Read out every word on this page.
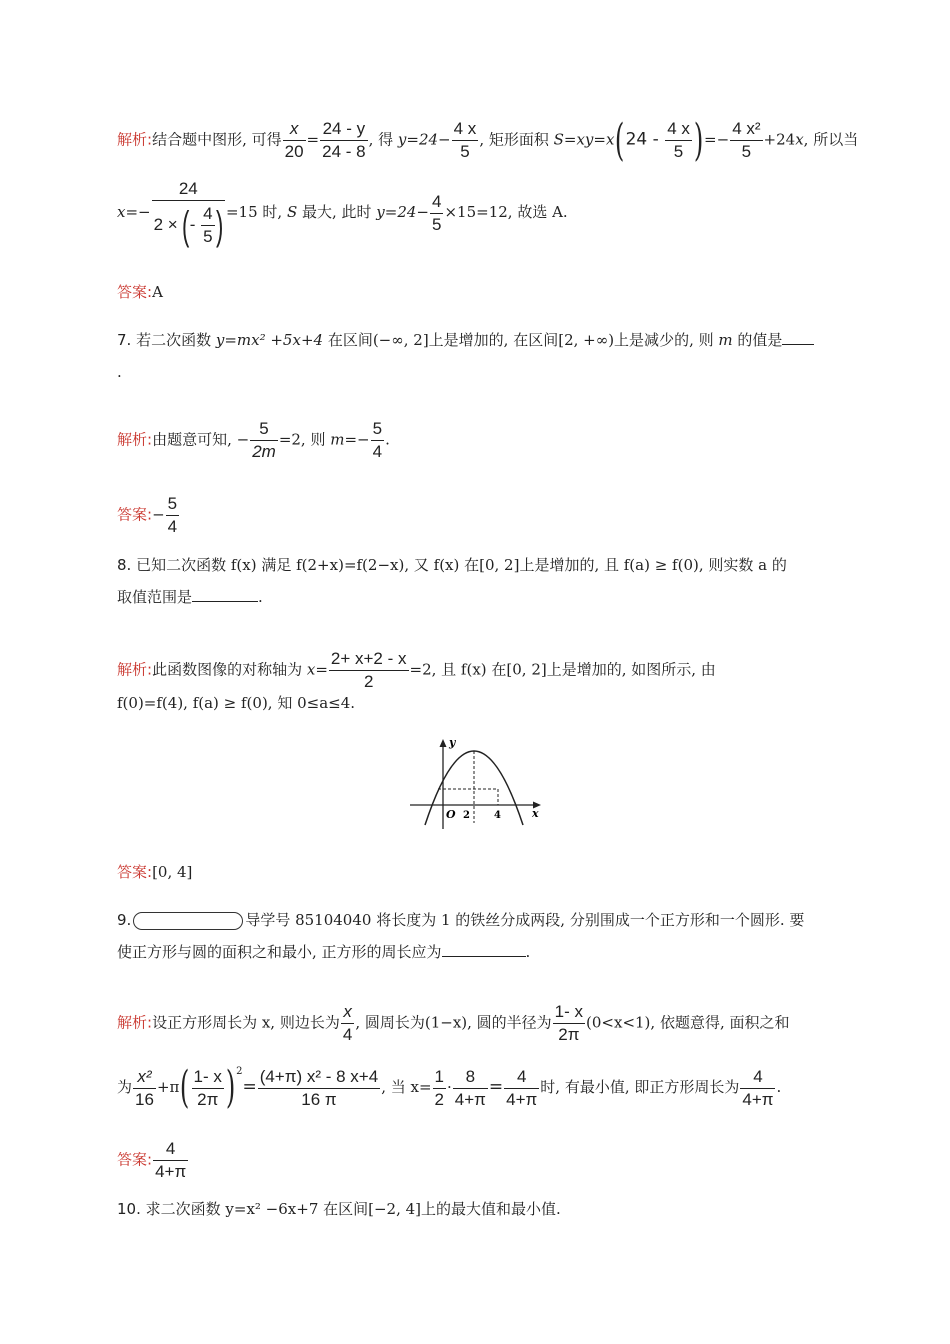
解析:结合题中图形, 可得 $\frac{x}{20} = \frac{24 - y}{24 - 8}$ , 得 $y=24- \frac{4 x}{5}$ , 矩形面积 $S=xy=x(24 - \frac{4 x}{5}$ )=− $\frac{\text{4 x²}}{5} +24x$, 所以当
$x=- \frac{24}{2 \times (- \frac{4}{5} )} =15$ 时, S 最大, 此时 $y=24- \frac{4}{5} \times 15=12$, 故选 A.
答案:A
7. 若二次函数 y=mx² +5x+4 在区间(−∞, 2]上是增加的, 在区间[2, +∞)上是减少的, 则 m 的值是
.
解析:由题意可知, − $\frac{5}{2m} =2$, 则 $m=- \frac{5}{4}$ .
答案:− $\frac{5}{4}$
8. 已知二次函数 f(x) 满足 f(2+x)=f(2−x), 又 f(x) 在[0, 2]上是增加的, 且 f(a) ≥ f(0), 则实数 a 的
取值范围是	.
解析:此函数图像的对称轴为 $x= \frac{2+ x+2 - x}{2} =2$, 且 f(x) 在[0, 2]上是增加的, 如图所示, 由
f(0)=f(4), f(a) ≥ f(0), 知 0≤a≤4.
y
x
O 2 4
答案:[0, 4]
9.	导学号 85104040 将长度为 1 的铁丝分成两段, 分别围成一个正方形和一个圆形. 要
使正方形与圆的面积之和最小, 正方形的周长应为	.
解析:设正方形周长为 x, 则边长为 $\frac{x}{4}$ , 圆周长为(1−x), 圆的半径为 $\frac{1- x}{2\pi} (0<x<1)$, 依题意得, 面积之和
为 $\frac{\text{x²}}{16} +\pi( \frac{1- x}{2\pi} )^2= \frac{\text{(4+π) x² - 8 x+4}}{16 \pi}$ , 当 $x= \frac{1}{2} \cdot \frac{8}{4+\pi} = \frac{4}{4+\pi}$ 时, 有最小值, 即正方形周长为 $\frac{4}{4+\pi}$ .
答案: $\frac{4}{4+\pi}$
10. 求二次函数 y=x² −6x+7 在区间[−2, 4]上的最大值和最小值.
